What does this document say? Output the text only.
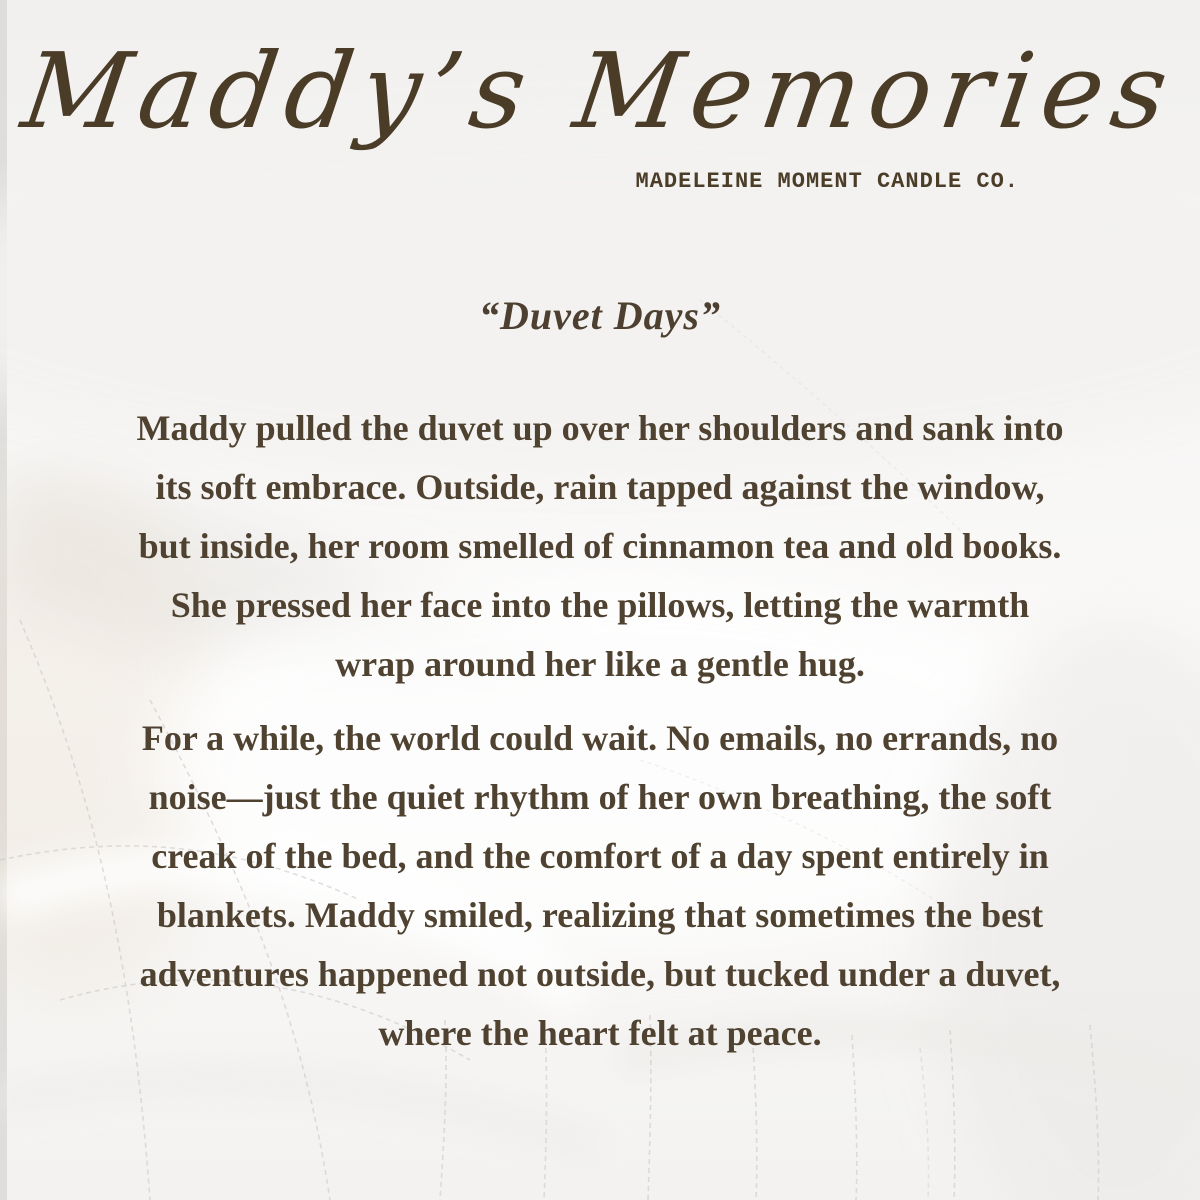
Maddy’s Memories
MADELEINE MOMENT CANDLE CO.
“Duvet Days”
Maddy pulled the duvet up over her shoulders and sank into
its soft embrace. Outside, rain tapped against the window,
but inside, her room smelled of cinnamon tea and old books.
She pressed her face into the pillows, letting the warmth
wrap around her like a gentle hug.
For a while, the world could wait. No emails, no errands, no
noise—just the quiet rhythm of her own breathing, the soft
creak of the bed, and the comfort of a day spent entirely in
blankets. Maddy smiled, realizing that sometimes the best
adventures happened not outside, but tucked under a duvet,
where the heart felt at peace.
